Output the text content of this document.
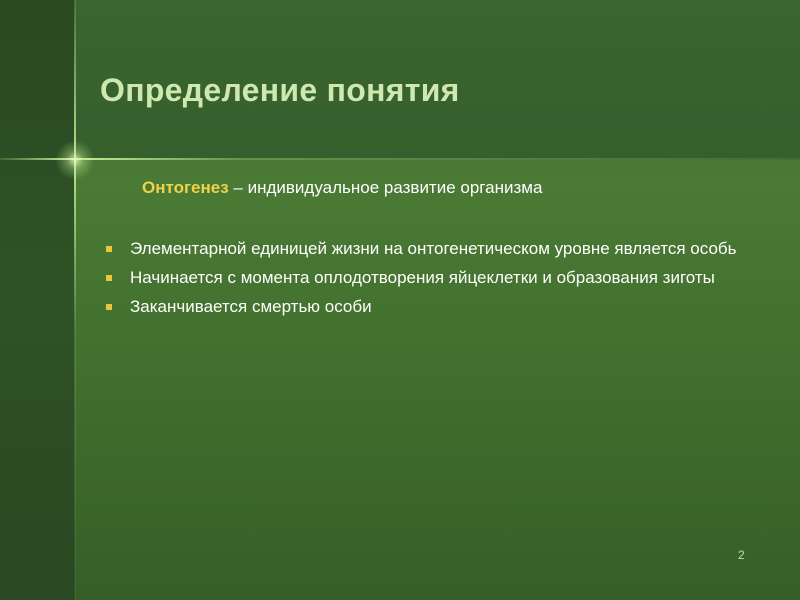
Определение понятия
Онтогенез – индивидуальное развитие организма
Элементарной единицей жизни на онтогенетическом уровне является особь
Начинается с момента оплодотворения яйцеклетки и образования зиготы
Заканчивается смертью особи
2
